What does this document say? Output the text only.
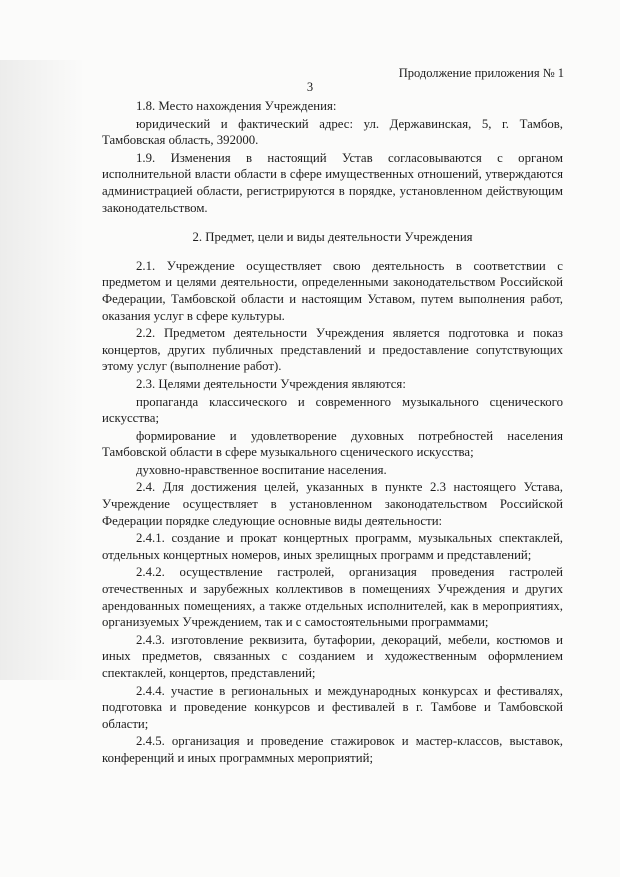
Продолжение приложения № 1
3

1.8. Место нахождения Учреждения:

юридический и фактический адрес: ул. Державинская, 5, г. Тамбов, Тамбовская область, 392000.

1.9. Изменения в настоящий Устав согласовываются с органом исполнительной власти области в сфере имущественных отношений, утверждаются администрацией области, регистрируются в порядке, установленном действующим законодательством.

2. Предмет, цели и виды деятельности Учреждения

2.1. Учреждение осуществляет свою деятельность в соответствии с предметом и целями деятельности, определенными законодательством Российской Федерации, Тамбовской области и настоящим Уставом, путем выполнения работ, оказания услуг в сфере культуры.

2.2. Предметом деятельности Учреждения является подготовка и показ концертов, других публичных представлений и предоставление сопутствующих этому услуг (выполнение работ).

2.3. Целями деятельности Учреждения являются:

пропаганда классического и современного музыкального сценического искусства;

формирование и удовлетворение духовных потребностей населения Тамбовской области в сфере музыкального сценического искусства;

духовно-нравственное воспитание населения.

2.4. Для достижения целей, указанных в пункте 2.3 настоящего Устава, Учреждение осуществляет в установленном законодательством Российской Федерации порядке следующие основные виды деятельности:

2.4.1. создание и прокат концертных программ, музыкальных спектаклей, отдельных концертных номеров, иных зрелищных программ и представлений;

2.4.2. осуществление гастролей, организация проведения гастролей отечественных и зарубежных коллективов в помещениях Учреждения и других арендованных помещениях, а также отдельных исполнителей, как в мероприятиях, организуемых Учреждением, так и с самостоятельными программами;

2.4.3. изготовление реквизита, бутафории, декораций, мебели, костюмов и иных предметов, связанных с созданием и художественным оформлением спектаклей, концертов, представлений;

2.4.4. участие в региональных и международных конкурсах и фестивалях, подготовка и проведение конкурсов и фестивалей в г. Тамбове и Тамбовской области;

2.4.5. организация и проведение стажировок и мастер-классов, выставок, конференций и иных программных мероприятий;
